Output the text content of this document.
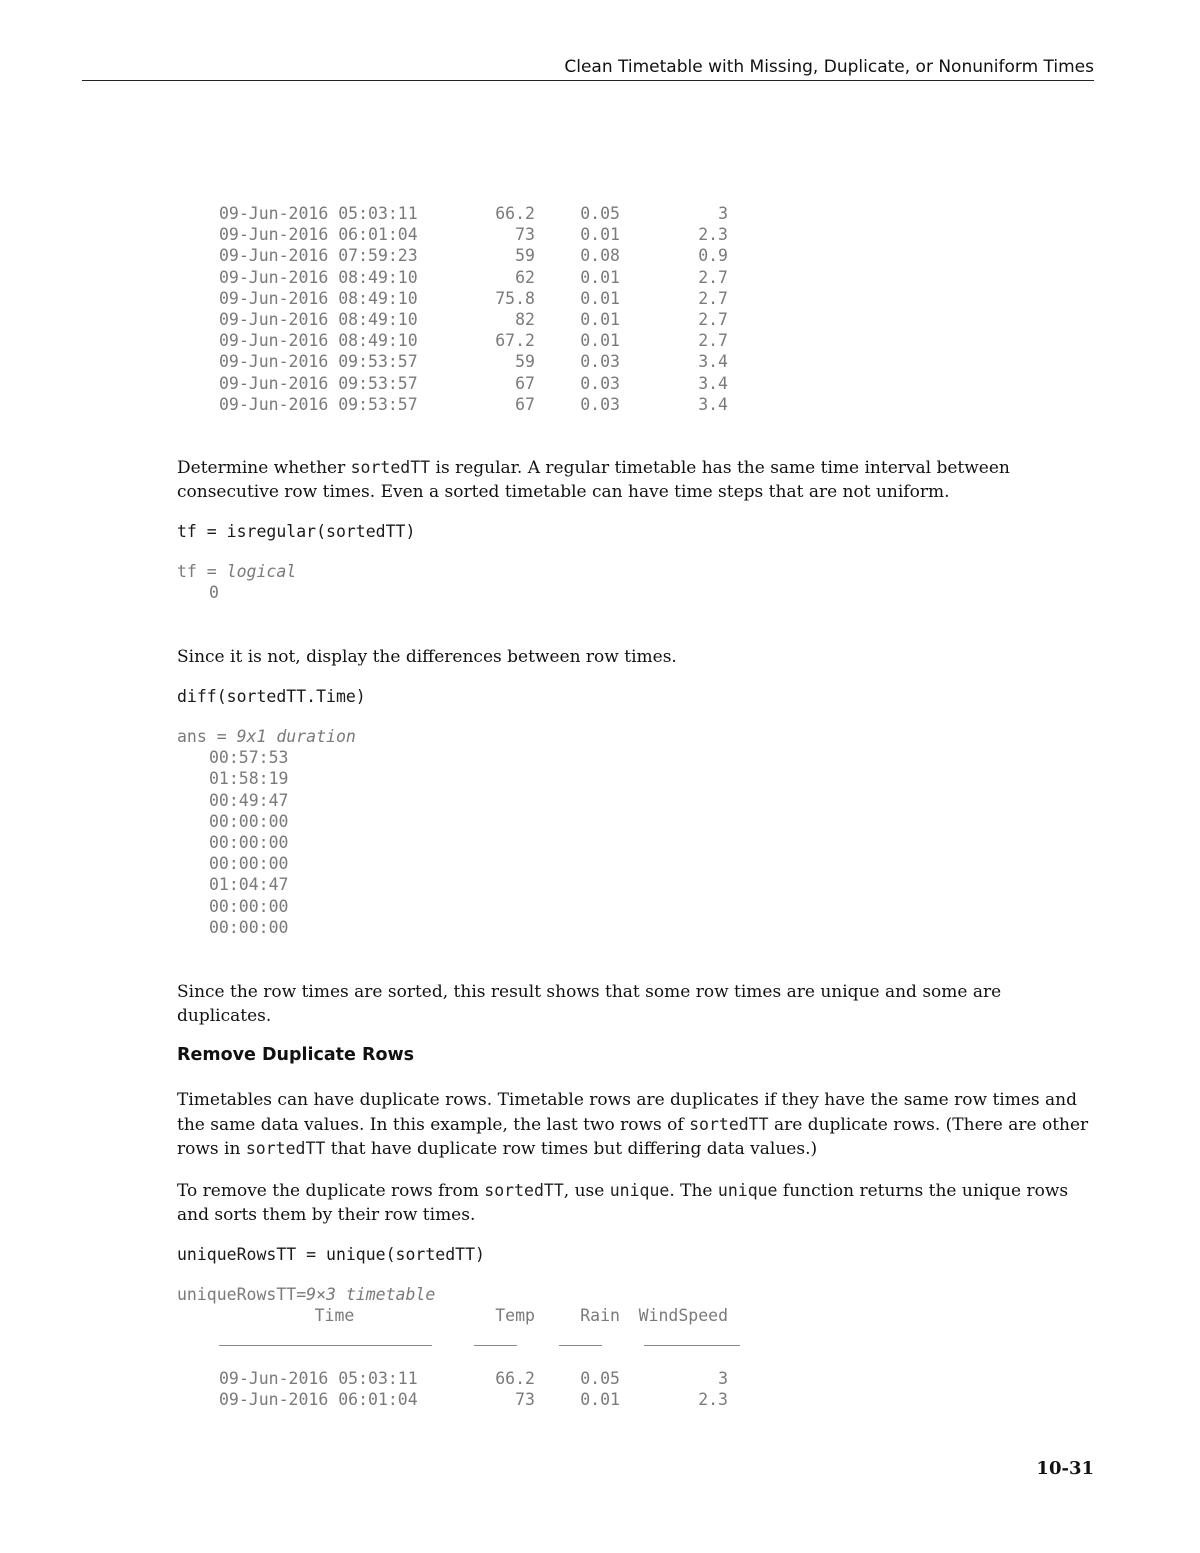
Clean Timetable with Missing, Duplicate, or Nonuniform Times
09-Jun-2016 05:03:11	66.2	0.05	3
09-Jun-2016 06:01:04	73	0.01	2.3
09-Jun-2016 07:59:23	59	0.08	0.9
09-Jun-2016 08:49:10	62	0.01	2.7
09-Jun-2016 08:49:10	75.8	0.01	2.7
09-Jun-2016 08:49:10	82	0.01	2.7
09-Jun-2016 08:49:10	67.2	0.01	2.7
09-Jun-2016 09:53:57	59	0.03	3.4
09-Jun-2016 09:53:57	67	0.03	3.4
09-Jun-2016 09:53:57	67	0.03	3.4
Determine whether sortedTT is regular. A regular timetable has the same time interval between consecutive row times. Even a sorted timetable can have time steps that are not uniform.
tf = isregular(sortedTT)
tf = logical
0
Since it is not, display the differences between row times.
diff(sortedTT.Time)
ans = 9x1 duration
00:57:53
01:58:19
00:49:47
00:00:00
00:00:00
00:00:00
01:04:47
00:00:00
00:00:00
Since the row times are sorted, this result shows that some row times are unique and some are duplicates.
Remove Duplicate Rows
Timetables can have duplicate rows. Timetable rows are duplicates if they have the same row times and the same data values. In this example, the last two rows of sortedTT are duplicate rows. (There are other rows in sortedTT that have duplicate row times but differing data values.)
To remove the duplicate rows from sortedTT, use unique. The unique function returns the unique rows and sorts them by their row times.
uniqueRowsTT = unique(sortedTT)
uniqueRowsTT=9×3 timetable
Time	Temp	Rain	WindSpeed
09-Jun-2016 05:03:11	66.2	0.05	3
09-Jun-2016 06:01:04	73	0.01	2.3
10-31
